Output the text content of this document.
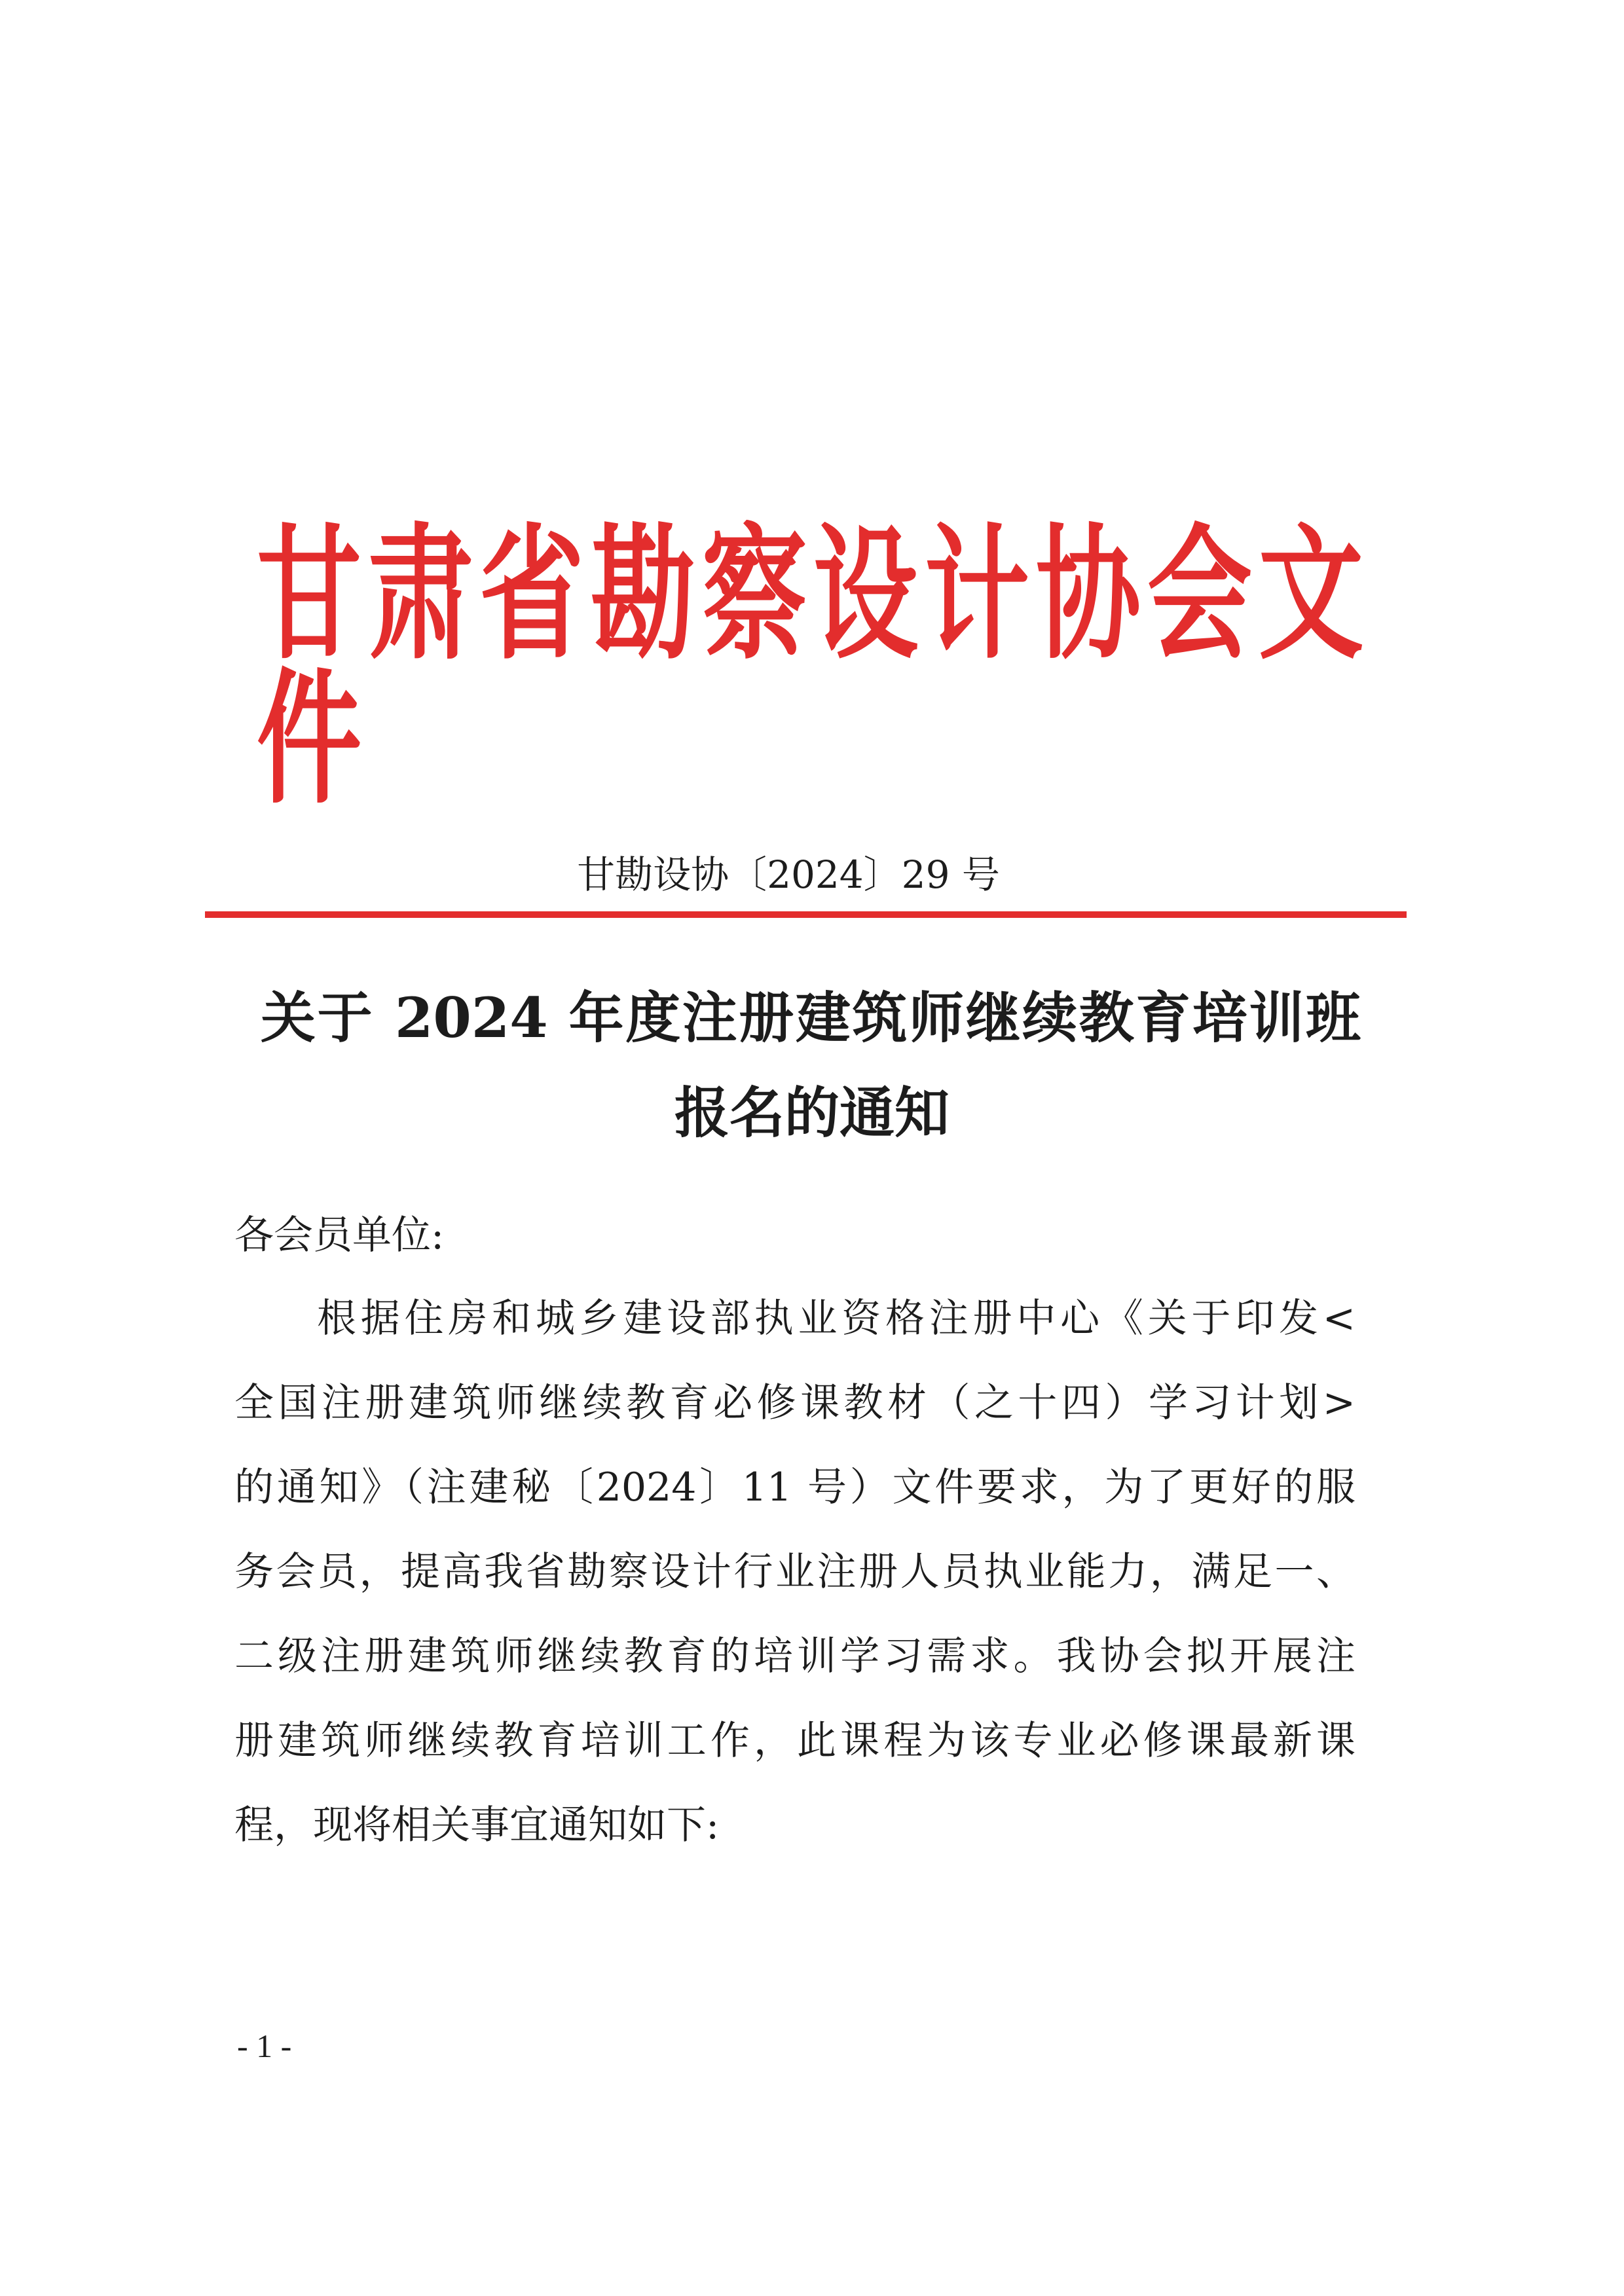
甘肃省勘察设计协会文件
甘勘设协〔2024〕29 号
关于 2024 年度注册建筑师继续教育培训班
报名的通知
各会员单位:
根据住房和城乡建设部执业资格注册中心《关于印发<
全国注册建筑师继续教育必修课教材（之十四）学习计划>
的通知》（注建秘〔2024〕11 号）文件要求，为了更好的服
务会员，提高我省勘察设计行业注册人员执业能力，满足一、
二级注册建筑师继续教育的培训学习需求。我协会拟开展注
册建筑师继续教育培训工作，此课程为该专业必修课最新课
程，现将相关事宜通知如下:
- 1 -
